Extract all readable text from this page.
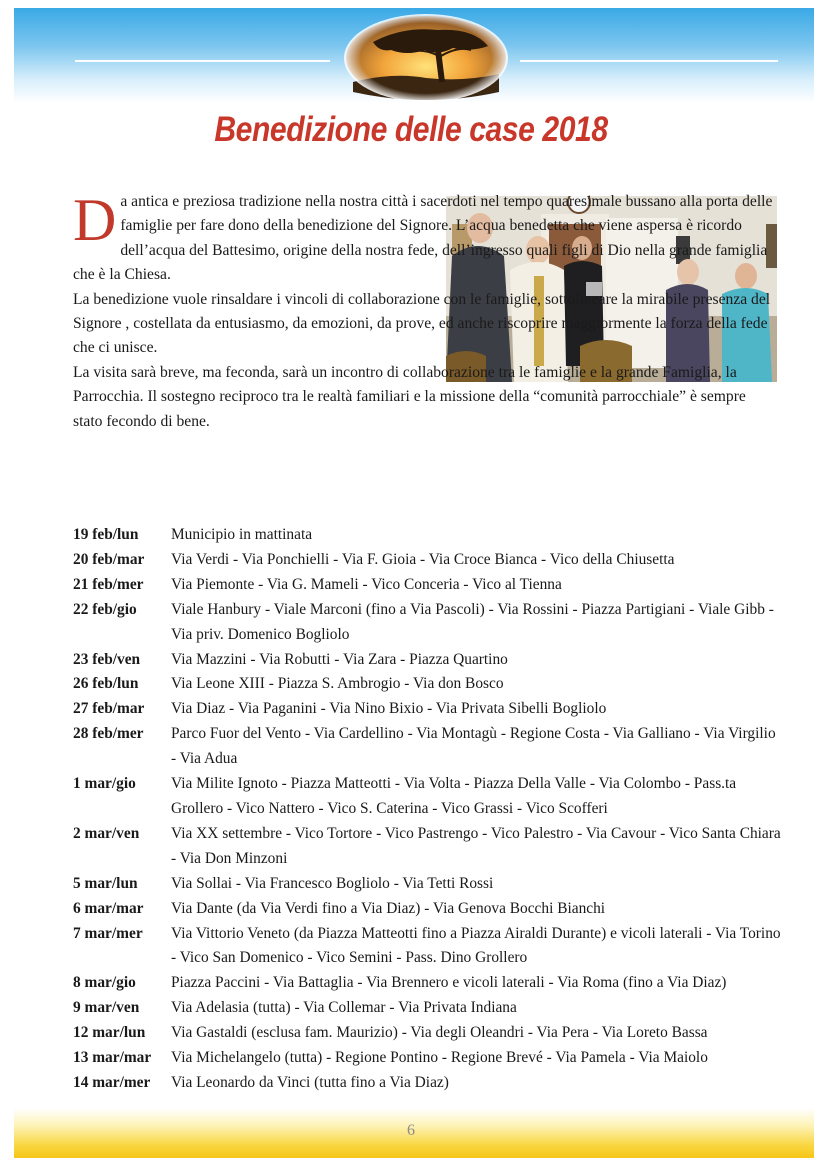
Benedizione delle case 2018
D a antica e preziosa tradizione nella nostra città i sacerdoti nel tempo quaresimale bussano alla porta delle famiglie per fare dono della benedizione del Signore. L’acqua benedetta che viene aspersa è ricordo dell’acqua del Battesimo, origine della nostra fede, dell’ingresso quali figli di Dio nella grande famiglia che è la Chiesa.

La benedizione vuole rinsaldare i vincoli di collaborazione con le famiglie, sottolineare la mirabile presenza del Signore , costellata da entusiasmo, da emozioni, da prove, ed anche riscoprire maggiormente la forza della fede che ci unisce.

La visita sarà breve, ma feconda, sarà un incontro di collaborazione tra le famiglie e la grande Famiglia, la Parrocchia. Il sostegno reciproco tra le realtà familiari e la missione della “comunità parrocchiale” è sempre stato fecondo di bene.

19 feb/lun	Municipio in mattinata
20 feb/mar	Via Verdi - Via Ponchielli - Via F. Gioia - Via Croce Bianca - Vico della Chiusetta
21 feb/mer	Via Piemonte - Via G. Mameli - Vico Conceria - Vico al Tienna
22 feb/gio	Viale Hanbury - Viale Marconi (fino a Via Pascoli) - Via Rossini - Piazza Partigiani - Viale Gibb - Via priv. Domenico Bogliolo
23 feb/ven	Via Mazzini - Via Robutti - Via Zara - Piazza Quartino
26 feb/lun	Via Leone XIII - Piazza S. Ambrogio - Via don Bosco
27 feb/mar	Via Diaz - Via Paganini - Via Nino Bixio - Via Privata Sibelli Bogliolo
28 feb/mer	Parco Fuor del Vento - Via Cardellino - Via Montagù - Regione Costa - Via Galliano - Via Virgilio - Via Adua
1 mar/gio	Via Milite Ignoto - Piazza Matteotti - Via Volta - Piazza Della Valle - Via Colombo - Pass.ta Grollero - Vico Nattero - Vico S. Caterina - Vico Grassi - Vico Scofferi
2 mar/ven	Via XX settembre - Vico Tortore - Vico Pastrengo - Vico Palestro - Via Cavour - Vico Santa Chiara - Via Don Minzoni
5 mar/lun	Via Sollai - Via Francesco Bogliolo - Via Tetti Rossi
6 mar/mar	Via Dante (da Via Verdi fino a Via Diaz) - Via Genova Bocchi Bianchi
7 mar/mer	Via Vittorio Veneto (da Piazza Matteotti fino a Piazza Airaldi Durante) e vicoli laterali - Via Torino - Vico San Domenico - Vico Semini - Pass. Dino Grollero
8 mar/gio	Piazza Paccini - Via Battaglia - Via Brennero e vicoli laterali - Via Roma (fino a Via Diaz)
9 mar/ven	Via Adelasia (tutta) - Via Collemar - Via Privata Indiana
12 mar/lun	Via Gastaldi (esclusa fam. Maurizio) - Via degli Oleandri - Via Pera - Via Loreto Bassa
13 mar/mar	Via Michelangelo (tutta) - Regione Pontino - Regione Brevé - Via Pamela - Via Maiolo
14 mar/mer	Via Leonardo da Vinci (tutta fino a Via Diaz)
6
